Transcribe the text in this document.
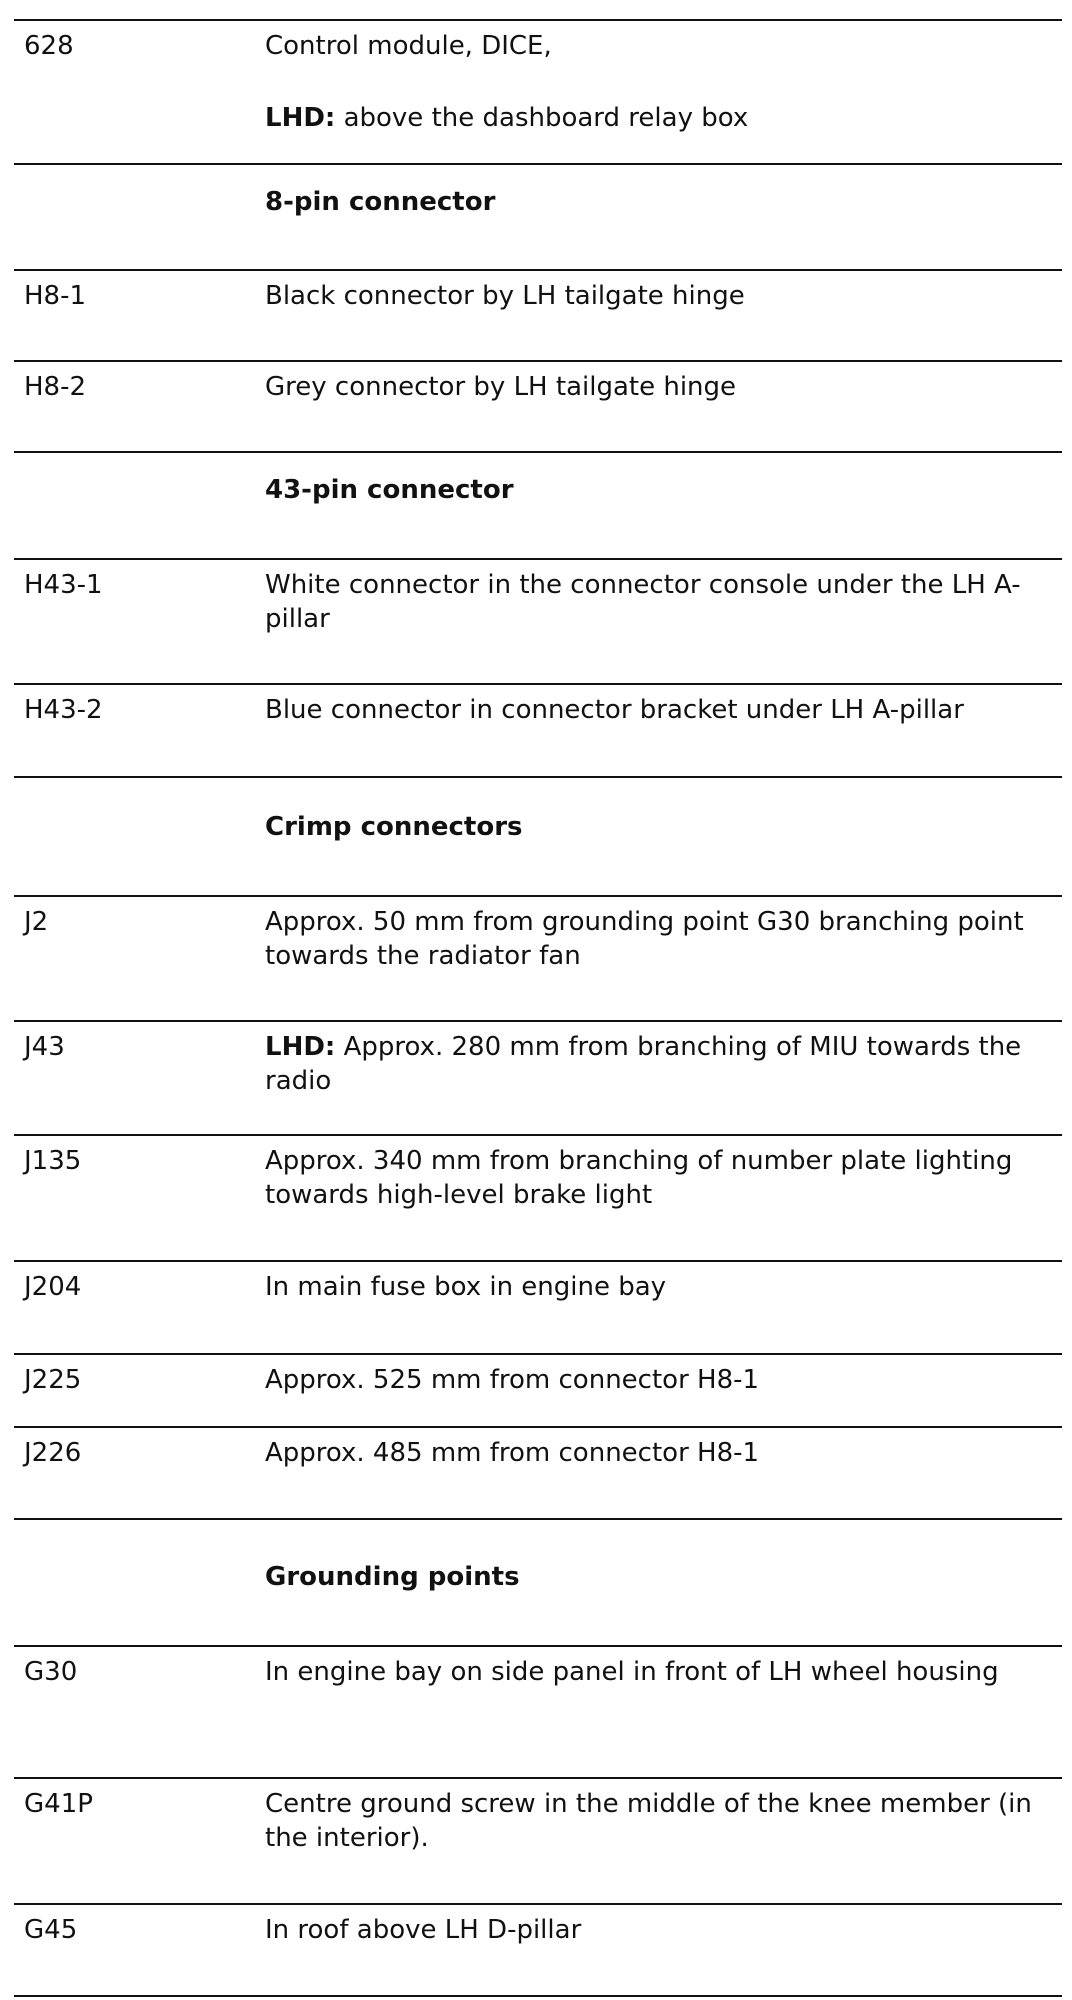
628	Control module, DICE,
LHD: above the dashboard relay box
8-pin connector
H8-1	Black connector by LH tailgate hinge
H8-2	Grey connector by LH tailgate hinge
43-pin connector
H43-1	White connector in the connector console under the LH A-pillar
H43-2	Blue connector in connector bracket under LH A-pillar
Crimp connectors
J2	Approx. 50 mm from grounding point G30 branching point towards the radiator fan
J43	LHD: Approx. 280 mm from branching of MIU towards the radio
J135	Approx. 340 mm from branching of number plate lighting towards high-level brake light
J204	In main fuse box in engine bay
J225	Approx. 525 mm from connector H8-1
J226	Approx. 485 mm from connector H8-1
Grounding points
G30	In engine bay on side panel in front of LH wheel housing
G41P	Centre ground screw in the middle of the knee member (in the interior).
G45	In roof above LH D-pillar
